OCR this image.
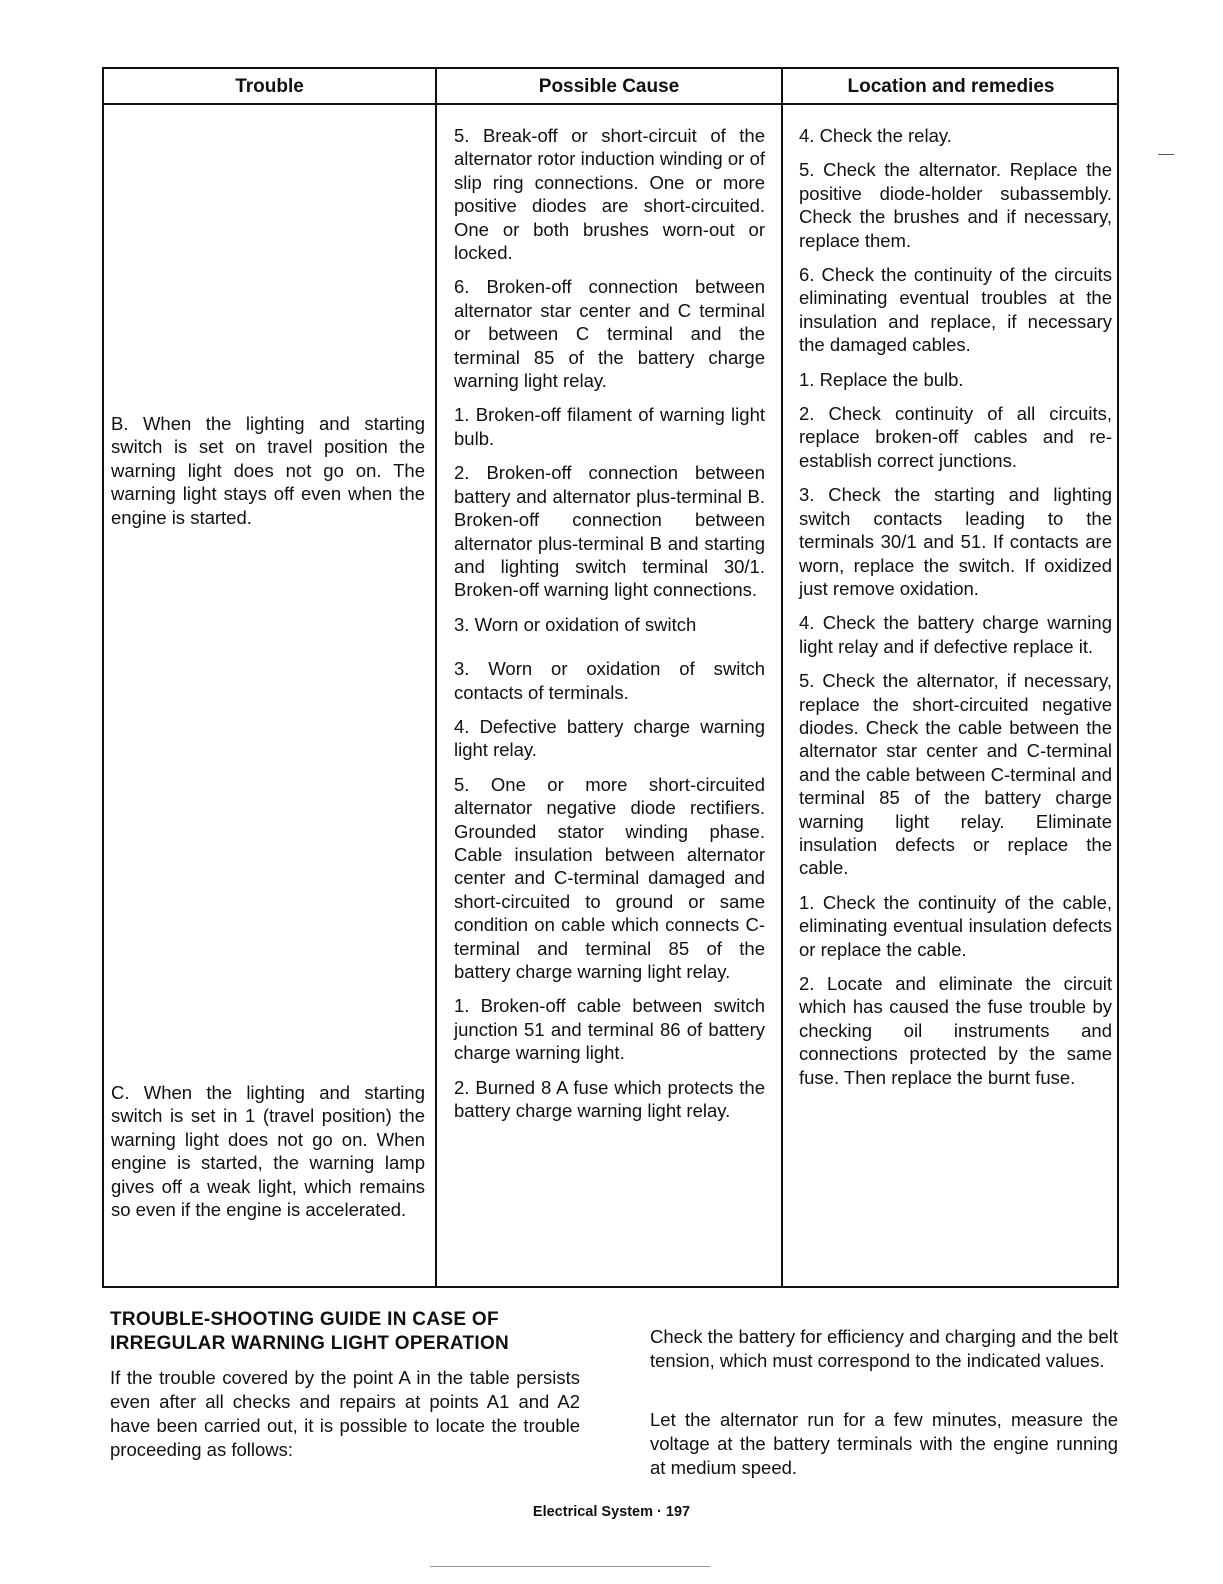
Trouble	Possible Cause	Location and remedies
B. When the lighting and starting switch is set on travel position the warning light does not go on. The warning light stays off even when the engine is started.
C. When the lighting and starting switch is set in 1 (travel position) the warning light does not go on. When engine is started, the warning lamp gives off a weak light, which remains so even if the engine is accelerated.

5. Break-off or short-circuit of the alternator rotor induction winding or of slip ring connections. One or more positive diodes are short-circuited. One or both brushes worn-out or locked.

6. Broken-off connection between alternator star center and C terminal or between C terminal and the terminal 85 of the battery charge warning light relay.

1. Broken-off filament of warning light bulb.

2. Broken-off connection between battery and alternator plus-terminal B. Broken-off connection between alternator plus-terminal B and starting and lighting switch terminal 30/1. Broken-off warning light connections.

3. Worn or oxidation of switch

3. Worn or oxidation of switch contacts of terminals.

4. Defective battery charge warning light relay.

5. One or more short-circuited alternator negative diode rectifiers. Grounded stator winding phase. Cable insulation between alternator center and C-terminal damaged and short-circuited to ground or same condition on cable which connects C-terminal and terminal 85 of the battery charge warning light relay.

1. Broken-off cable between switch junction 51 and terminal 86 of battery charge warning light.

2. Burned 8 A fuse which protects the battery charge warning light relay.

4. Check the relay.

5. Check the alternator. Replace the positive diode-holder subassembly. Check the brushes and if necessary, replace them.

6. Check the continuity of the circuits eliminating eventual troubles at the insulation and replace, if necessary the damaged cables.

1. Replace the bulb.

2. Check continuity of all circuits, replace broken-off cables and re-establish correct junctions.

3. Check the starting and lighting switch contacts leading to the terminals 30/1 and 51. If contacts are worn, replace the switch. If oxidized just remove oxidation.

4. Check the battery charge warning light relay and if defective replace it.

5. Check the alternator, if necessary, replace the short-circuited negative diodes. Check the cable between the alternator star center and C-terminal and the cable between C-terminal and terminal 85 of the battery charge warning light relay. Eliminate insulation defects or replace the cable.

1. Check the continuity of the cable, eliminating eventual insulation defects or replace the cable.

2. Locate and eliminate the circuit which has caused the fuse trouble by checking oil instruments and connections protected by the same fuse. Then replace the burnt fuse.

TROUBLE-SHOOTING GUIDE IN CASE OF IRREGULAR WARNING LIGHT OPERATION

If the trouble covered by the point A in the table persists even after all checks and repairs at points A1 and A2 have been carried out, it is possible to locate the trouble proceeding as follows:

Check the battery for efficiency and charging and the belt tension, which must correspond to the indicated values.

Let the alternator run for a few minutes, measure the voltage at the battery terminals with the engine running at medium speed.

Electrical System · 197
